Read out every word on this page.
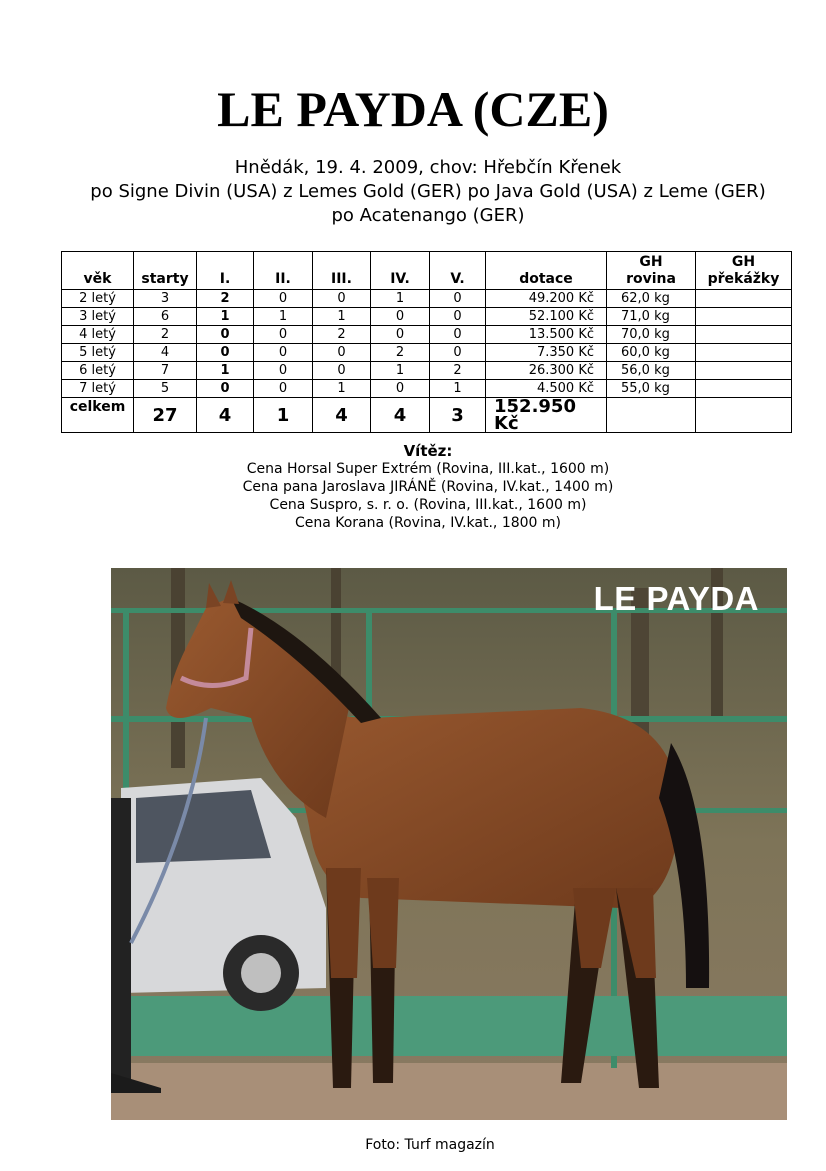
LE PAYDA (CZE)
Hnědák, 19. 4. 2009, chov: Hřebčín Křenek
po Signe Divin (USA) z Lemes Gold (GER) po Java Gold (USA) z Leme (GER)
po Acatenango (GER)
věk	starty	I.	II.	III.	IV.	V.	dotace	GH rovina	GH překážky
2 letý	3	2	0	0	1	0	49.200 Kč	62,0 kg	
3 letý	6	1	1	1	0	0	52.100 Kč	71,0 kg	
4 letý	2	0	0	2	0	0	13.500 Kč	70,0 kg	
5 letý	4	0	0	0	2	0	7.350 Kč	60,0 kg	
6 letý	7	1	0	0	1	2	26.300 Kč	56,0 kg	
7 letý	5	0	0	1	0	1	4.500 Kč	55,0 kg	
celkem	27	4	1	4	4	3	152.950 Kč		
Vítěz:
Cena Horsal Super Extrém (Rovina, III.kat., 1600 m)
Cena pana Jaroslava JIRÁNĚ (Rovina, IV.kat., 1400 m)
Cena Suspro, s. r. o. (Rovina, III.kat., 1600 m)
Cena Korana (Rovina, IV.kat., 1800 m)
LE PAYDA
Foto: Turf magazín
